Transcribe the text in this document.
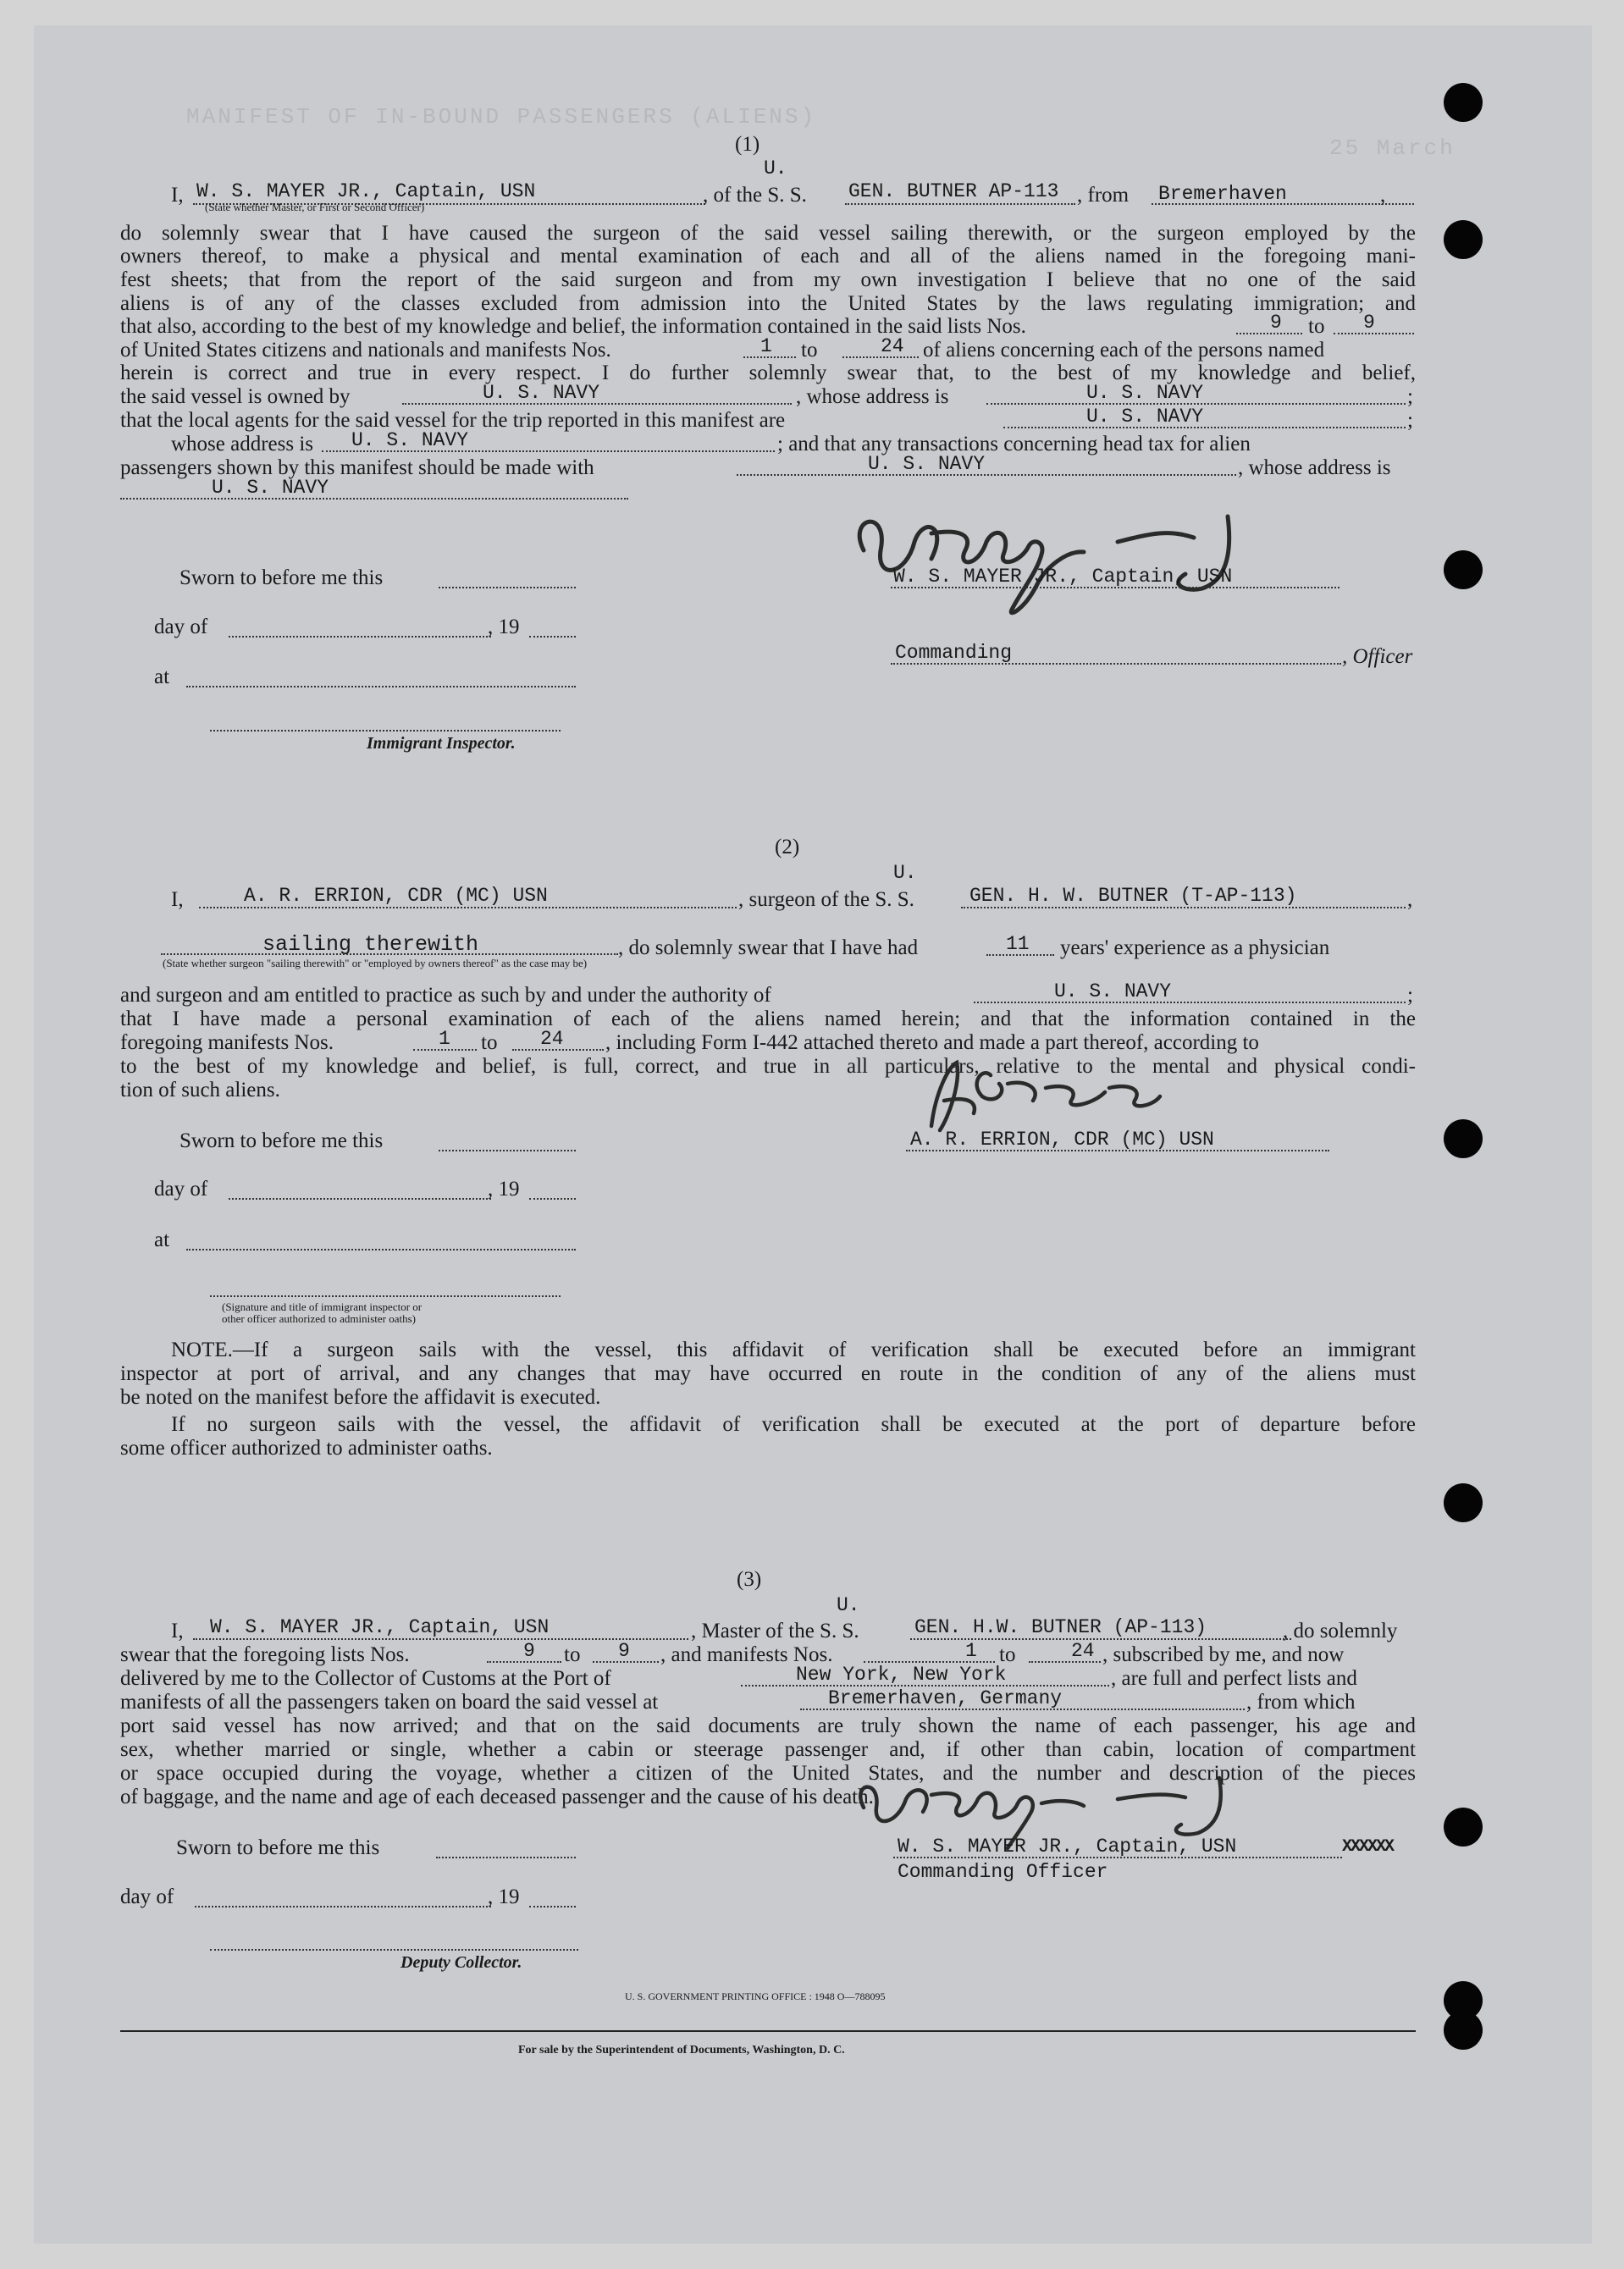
MANIFEST OF IN-BOUND PASSENGERS (ALIENS)
25 March
(1)
U.
I, W. S. MAYER JR., Captain, USN	, of the S. S. GEN. BUTNER AP-113 , from Bremerhaven	,
(State whether Master, or First or Second Officer)
do solemnly swear that I have caused the surgeon of the said vessel sailing therewith, or the surgeon employed by the
owners thereof, to make a physical and mental examination of each and all of the aliens named in the foregoing mani-
fest sheets; that from the report of the said surgeon and from my own investigation I believe that no one of the said
aliens is of any of the classes excluded from admission into the United States by the laws regulating immigration; and
that also, according to the best of my knowledge and belief, the information contained in the said lists Nos.	9 to 9
of United States citizens and nationals and manifests Nos.	1 to	24 of aliens concerning each of the persons named
herein is correct and true in every respect. I do further solemnly swear that, to the best of my knowledge and belief,
the said vessel is owned by	U. S. NAVY	, whose address is	U. S. NAVY	;
that the local agents for the said vessel for the trip reported in this manifest are	U. S. NAVY	;
whose address is U. S. NAVY	; and that any transactions concerning head tax for alien
passengers shown by this manifest should be made with	U. S. NAVY	, whose address is
U. S. NAVY
Sworn to before me this	W. S. MAYER JR., Captain, USN
day of	, 19
Commanding	, Officer
at
Immigrant Inspector.
(2)
U.
I,	A. R. ERRION, CDR (MC) USN	, surgeon of the S. S.	GEN. H. W. BUTNER (T-AP-113)	,
sailing therewith	, do solemnly swear that I have had	11 years' experience as a physician
(State whether surgeon "sailing therewith" or "employed by owners thereof" as the case may be)
and surgeon and am entitled to practice as such by and under the authority of	U. S. NAVY	;
that I have made a personal examination of each of the aliens named herein; and that the information contained in the
foregoing manifests Nos.	1 to 24 , including Form I-442 attached thereto and made a part thereof, according to
to the best of my knowledge and belief, is full, correct, and true in all particulars, relative to the mental and physical condi-
tion of such aliens.
Sworn to before me this	A. R. ERRION, CDR (MC) USN
day of	, 19
at
(Signature and title of immigrant inspector or
other officer authorized to administer oaths)
NOTE.—If a surgeon sails with the vessel, this affidavit of verification shall be executed before an immigrant
inspector at port of arrival, and any changes that may have occurred en route in the condition of any of the aliens must
be noted on the manifest before the affidavit is executed.
If no surgeon sails with the vessel, the affidavit of verification shall be executed at the port of departure before
some officer authorized to administer oaths.
(3)
U.
I, W. S. MAYER JR., Captain, USN	, Master of the S. S.	GEN. H.W. BUTNER (AP-113)	, do solemnly
swear that the foregoing lists Nos.	9 to 9 , and manifests Nos.	1 to	24 , subscribed by me, and now
delivered by me to the Collector of Customs at the Port of	New York, New York	, are full and perfect lists and
manifests of all the passengers taken on board the said vessel at	Bremerhaven, Germany	, from which
port said vessel has now arrived; and that on the said documents are truly shown the name of each passenger, his age and
sex, whether married or single, whether a cabin or steerage passenger and, if other than cabin, location of compartment
or space occupied during the voyage, whether a citizen of the United States, and the number and description of the pieces
of baggage, and the name and age of each deceased passenger and the cause of his death.
Sworn to before me this	W. S. MAYER JR., Captain, USN	XXXXXX
Commanding Officer
day of	, 19
Deputy Collector.
U. S. GOVERNMENT PRINTING OFFICE : 1948 O—788095
For sale by the Superintendent of Documents, Washington, D. C.
